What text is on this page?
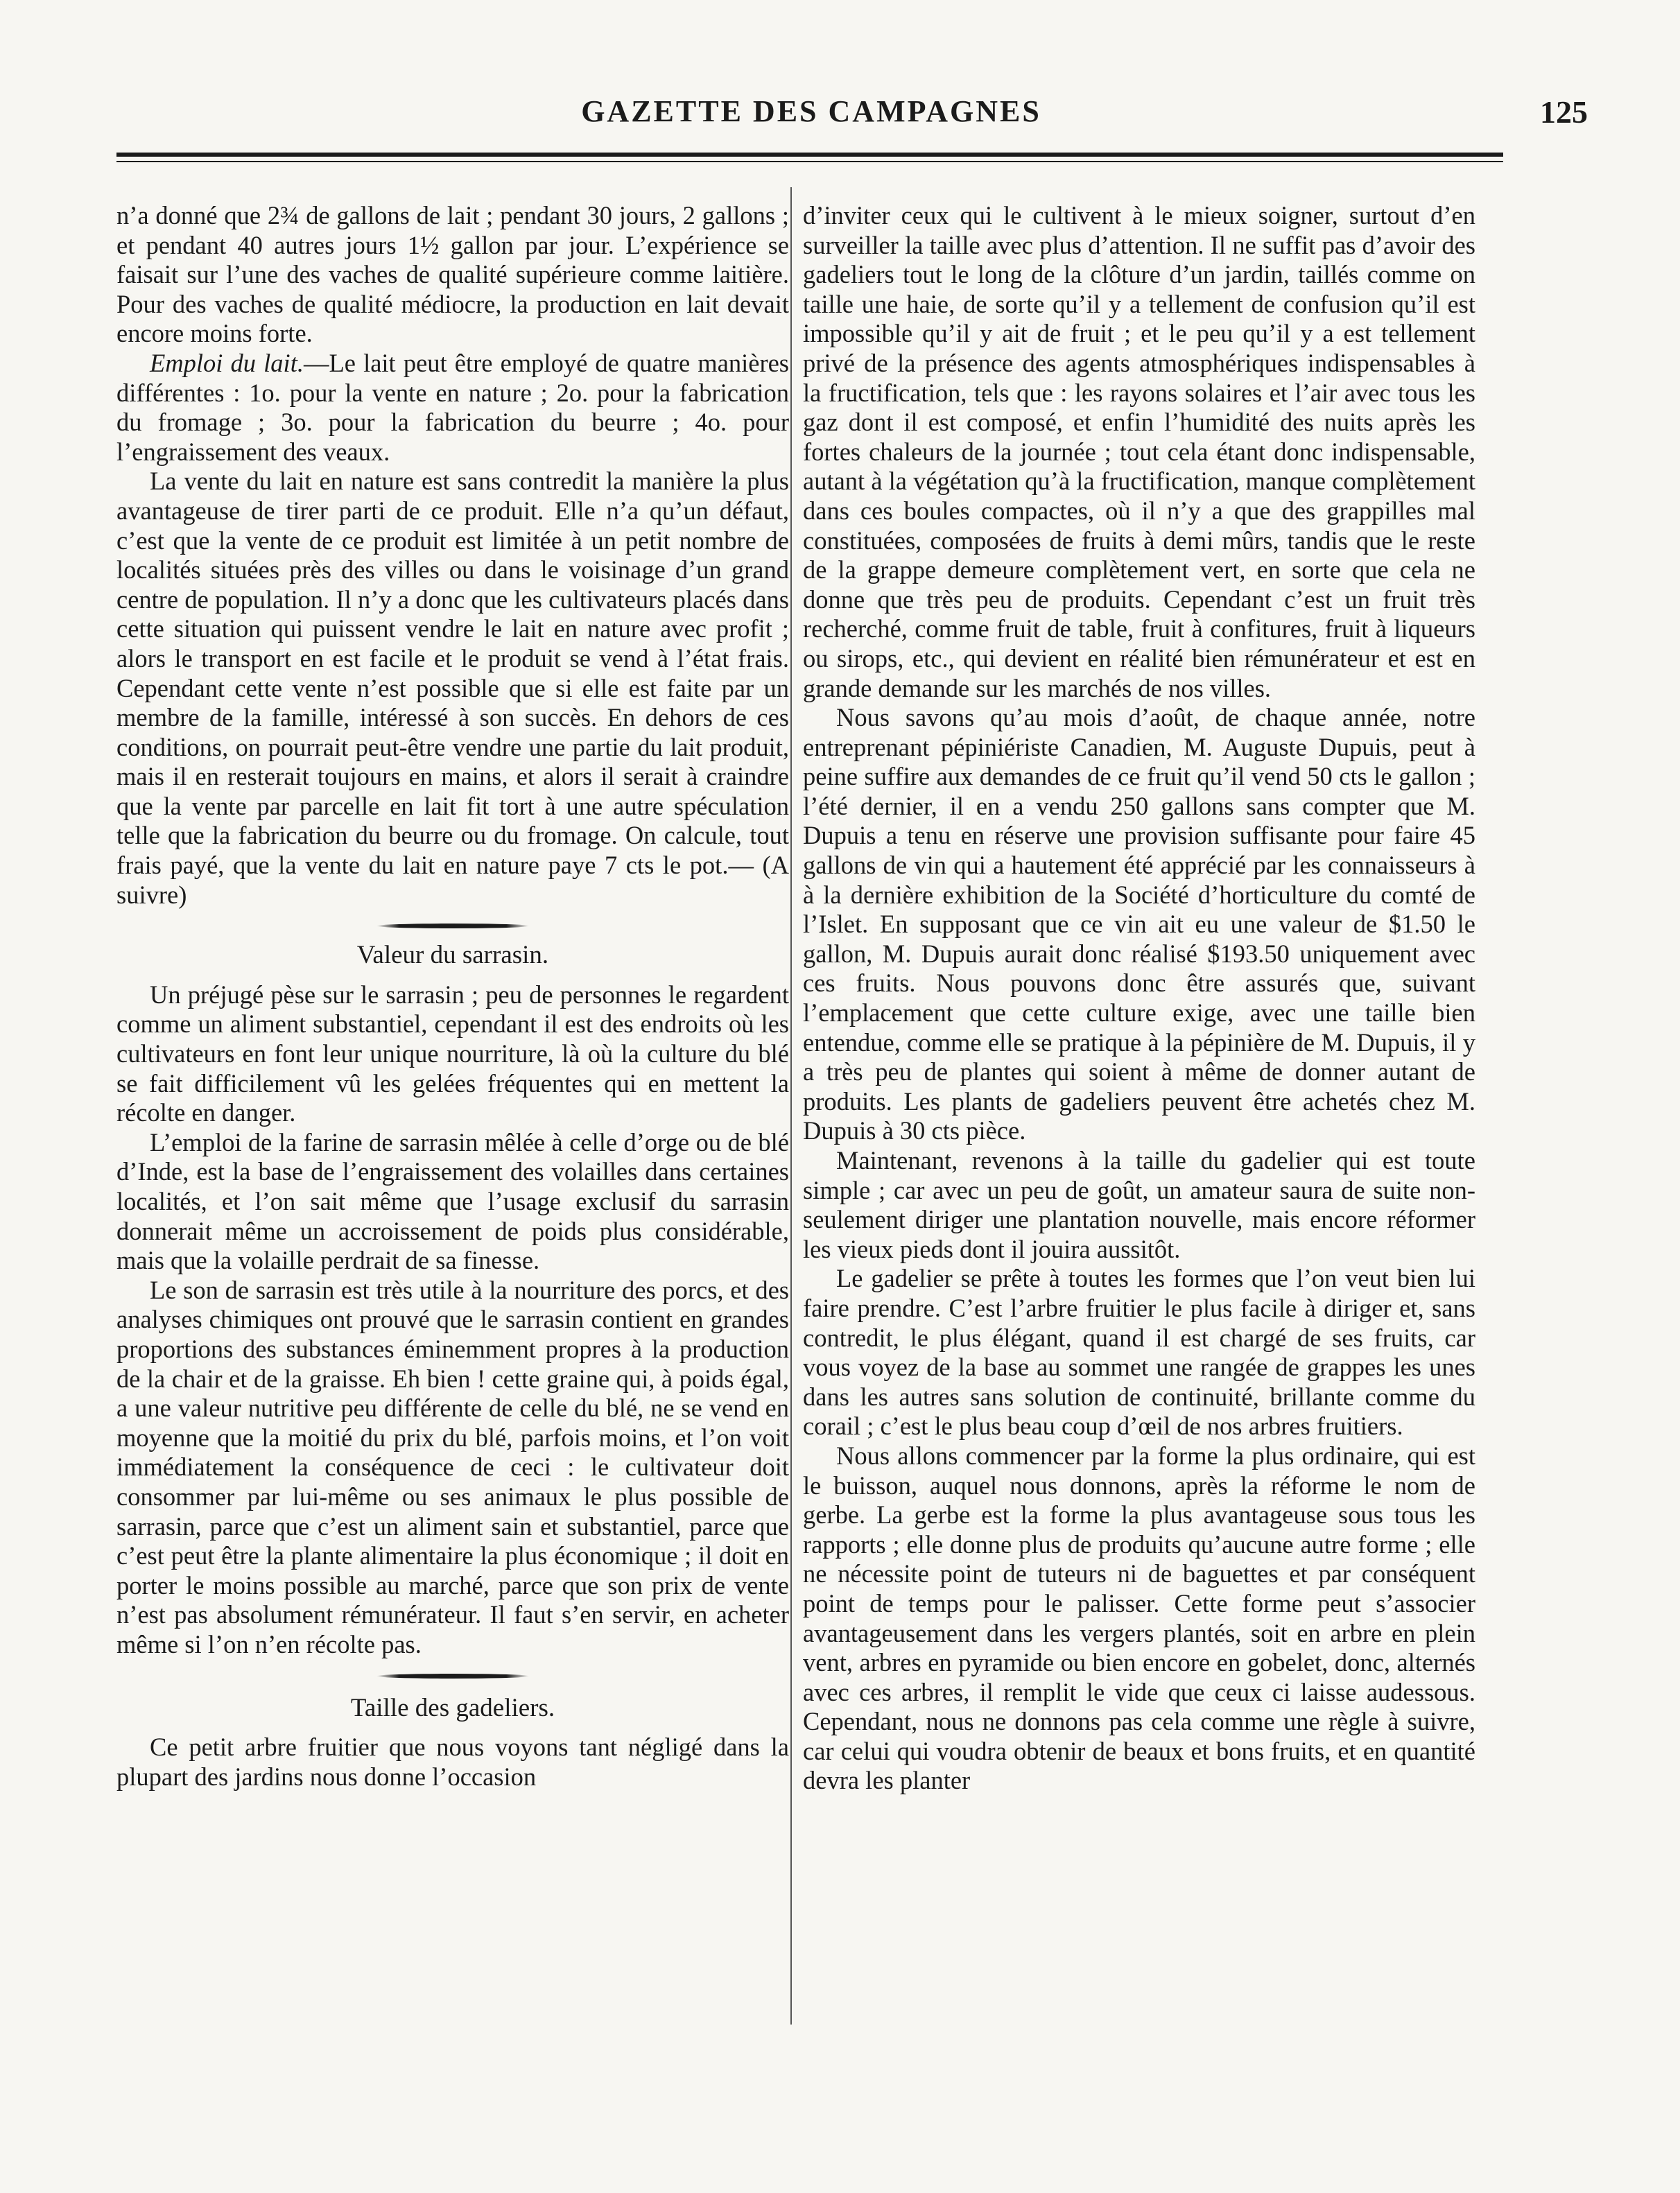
GAZETTE DES CAMPAGNES	125

n’a donné que 2¾ de gallons de lait ; pendant 30 jours, 2 gallons ; et pendant 40 autres jours 1½ gallon par jour. L’expérience se faisait sur l’une des vaches de qualité supérieure comme laitière. Pour des vaches de qualité médiocre, la production en lait devait encore moins forte.

Emploi du lait.—Le lait peut être employé de quatre manières différentes : 1o. pour la vente en nature ; 2o. pour la fabrication du fromage ; 3o. pour la fabrication du beurre ; 4o. pour l’engraissement des veaux.

La vente du lait en nature est sans contredit la manière la plus avantageuse de tirer parti de ce produit. Elle n’a qu’un défaut, c’est que la vente de ce produit est limitée à un petit nombre de localités situées près des villes ou dans le voisinage d’un grand centre de population. Il n’y a donc que les cultivateurs placés dans cette situation qui puissent vendre le lait en nature avec profit ; alors le transport en est facile et le produit se vend à l’état frais. Cependant cette vente n’est possible que si elle est faite par un membre de la famille, intéressé à son succès. En dehors de ces conditions, on pourrait peut-être vendre une partie du lait produit, mais il en resterait toujours en mains, et alors il serait à craindre que la vente par parcelle en lait fit tort à une autre spéculation telle que la fabrication du beurre ou du fromage. On calcule, tout frais payé, que la vente du lait en nature paye 7 cts le pot.— (A suivre)

Valeur du sarrasin.

Un préjugé pèse sur le sarrasin ; peu de personnes le regardent comme un aliment substantiel, cependant il est des endroits où les cultivateurs en font leur unique nourriture, là où la culture du blé se fait difficilement vû les gelées fréquentes qui en mettent la récolte en danger.

L’emploi de la farine de sarrasin mêlée à celle d’orge ou de blé d’Inde, est la base de l’engraissement des volailles dans certaines localités, et l’on sait même que l’usage exclusif du sarrasin donnerait même un accroissement de poids plus considérable, mais que la volaille perdrait de sa finesse.

Le son de sarrasin est très utile à la nourriture des porcs, et des analyses chimiques ont prouvé que le sarrasin contient en grandes proportions des substances éminemment propres à la production de la chair et de la graisse. Eh bien ! cette graine qui, à poids égal, a une valeur nutritive peu différente de celle du blé, ne se vend en moyenne que la moitié du prix du blé, parfois moins, et l’on voit immédiatement la conséquence de ceci : le cultivateur doit consommer par lui-même ou ses animaux le plus possible de sarrasin, parce que c’est un aliment sain et substantiel, parce que c’est peut être la plante alimentaire la plus économique ; il doit en porter le moins possible au marché, parce que son prix de vente n’est pas absolument rémunérateur. Il faut s’en servir, en acheter même si l’on n’en récolte pas.

Taille des gadeliers.

Ce petit arbre fruitier que nous voyons tant négligé dans la plupart des jardins nous donne l’occasion

d’inviter ceux qui le cultivent à le mieux soigner, surtout d’en surveiller la taille avec plus d’attention. Il ne suffit pas d’avoir des gadeliers tout le long de la clôture d’un jardin, taillés comme on taille une haie, de sorte qu’il y a tellement de confusion qu’il est impossible qu’il y ait de fruit ; et le peu qu’il y a est tellement privé de la présence des agents atmosphériques indispensables à la fructification, tels que : les rayons solaires et l’air avec tous les gaz dont il est composé, et enfin l’humidité des nuits après les fortes chaleurs de la journée ; tout cela étant donc indispensable, autant à la végétation qu’à la fructification, manque complètement dans ces boules compactes, où il n’y a que des grappilles mal constituées, composées de fruits à demi mûrs, tandis que le reste de la grappe demeure complètement vert, en sorte que cela ne donne que très peu de produits. Cependant c’est un fruit très recherché, comme fruit de table, fruit à confitures, fruit à liqueurs ou sirops, etc., qui devient en réalité bien rémunérateur et est en grande demande sur les marchés de nos villes.

Nous savons qu’au mois d’août, de chaque année, notre entreprenant pépiniériste Canadien, M. Auguste Dupuis, peut à peine suffire aux demandes de ce fruit qu’il vend 50 cts le gallon ; l’été dernier, il en a vendu 250 gallons sans compter que M. Dupuis a tenu en réserve une provision suffisante pour faire 45 gallons de vin qui a hautement été apprécié par les connaisseurs à à la dernière exhibition de la Société d’horticulture du comté de l’Islet. En supposant que ce vin ait eu une valeur de $1.50 le gallon, M. Dupuis aurait donc réalisé $193.50 uniquement avec ces fruits. Nous pouvons donc être assurés que, suivant l’emplacement que cette culture exige, avec une taille bien entendue, comme elle se pratique à la pépinière de M. Dupuis, il y a très peu de plantes qui soient à même de donner autant de produits. Les plants de gadeliers peuvent être achetés chez M. Dupuis à 30 cts pièce.

Maintenant, revenons à la taille du gadelier qui est toute simple ; car avec un peu de goût, un amateur saura de suite non-seulement diriger une plantation nouvelle, mais encore réformer les vieux pieds dont il jouira aussitôt.

Le gadelier se prête à toutes les formes que l’on veut bien lui faire prendre. C’est l’arbre fruitier le plus facile à diriger et, sans contredit, le plus élégant, quand il est chargé de ses fruits, car vous voyez de la base au sommet une rangée de grappes les unes dans les autres sans solution de continuité, brillante comme du corail ; c’est le plus beau coup d’œil de nos arbres fruitiers.

Nous allons commencer par la forme la plus ordinaire, qui est le buisson, auquel nous donnons, après la réforme le nom de gerbe. La gerbe est la forme la plus avantageuse sous tous les rapports ; elle donne plus de produits qu’aucune autre forme ; elle ne nécessite point de tuteurs ni de baguettes et par conséquent point de temps pour le palisser. Cette forme peut s’associer avantageusement dans les vergers plantés, soit en arbre en plein vent, arbres en pyramide ou bien encore en gobelet, donc, alternés avec ces arbres, il remplit le vide que ceux ci laisse audessous. Cependant, nous ne donnons pas cela comme une règle à suivre, car celui qui voudra obtenir de beaux et bons fruits, et en quantité devra les planter
